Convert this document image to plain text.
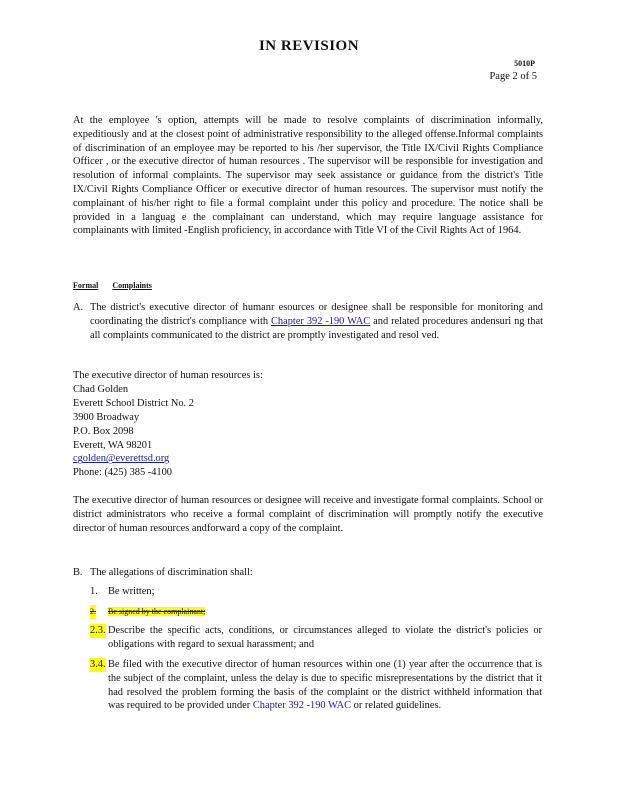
IN REVISION
5010P
Page 2 of 5
At the employee 's option, attempts will be made to resolve complaints of discrimination informally, expeditiously and at the closest point of administrative responsibility to the alleged offense.Informal complaints of discrimination of an employee may be reported to his /her supervisor, the Title IX/Civil Rights Compliance Officer , or the executive director of human resources . The supervisor will be responsible for investigation and resolution of informal complaints. The supervisor may seek assistance or guidance from the district's Title IX/Civil Rights Compliance Officer or executive director of human resources. The supervisor must notify the complainant of his/her right to file a formal complaint under this policy and procedure. The notice shall be provided in a languag e the complainant can understand, which may require language assistance for complainants with limited -English proficiency, in accordance with Title VI of the Civil Rights Act of 1964.
Formal Complaints
A. The district's executive director of humanr esources or designee shall be responsible for monitoring and coordinating the district's compliance with Chapter 392 -190 WAC and related procedures andensuri ng that all complaints communicated to the district are promptly investigated and resol ved.
The executive director of human resources is:
Chad Golden
Everett School District No. 2
3900 Broadway
P.O. Box 2098
Everett, WA 98201
cgolden@everettsd.org
Phone: (425) 385 -4100
The executive director of human resources or designee will receive and investigate formal complaints. School or district administrators who receive a formal complaint of discrimination will promptly notify the executive director of human resources andforward a copy of the complaint.
B. The allegations of discrimination shall:
1. Be written;
2. Be signed by the complainant;
2.3. Describe the specific acts, conditions, or circumstances alleged to violate the district's policies or obligations with regard to sexual harassment; and
3.4. Be filed with the executive director of human resources within one (1) year after the occurrence that is the subject of the complaint, unless the delay is due to specific misrepresentations by the district that it had resolved the problem forming the basis of the complaint or the district withheld information that was required to be provided under Chapter 392 -190 WAC or related guidelines.
